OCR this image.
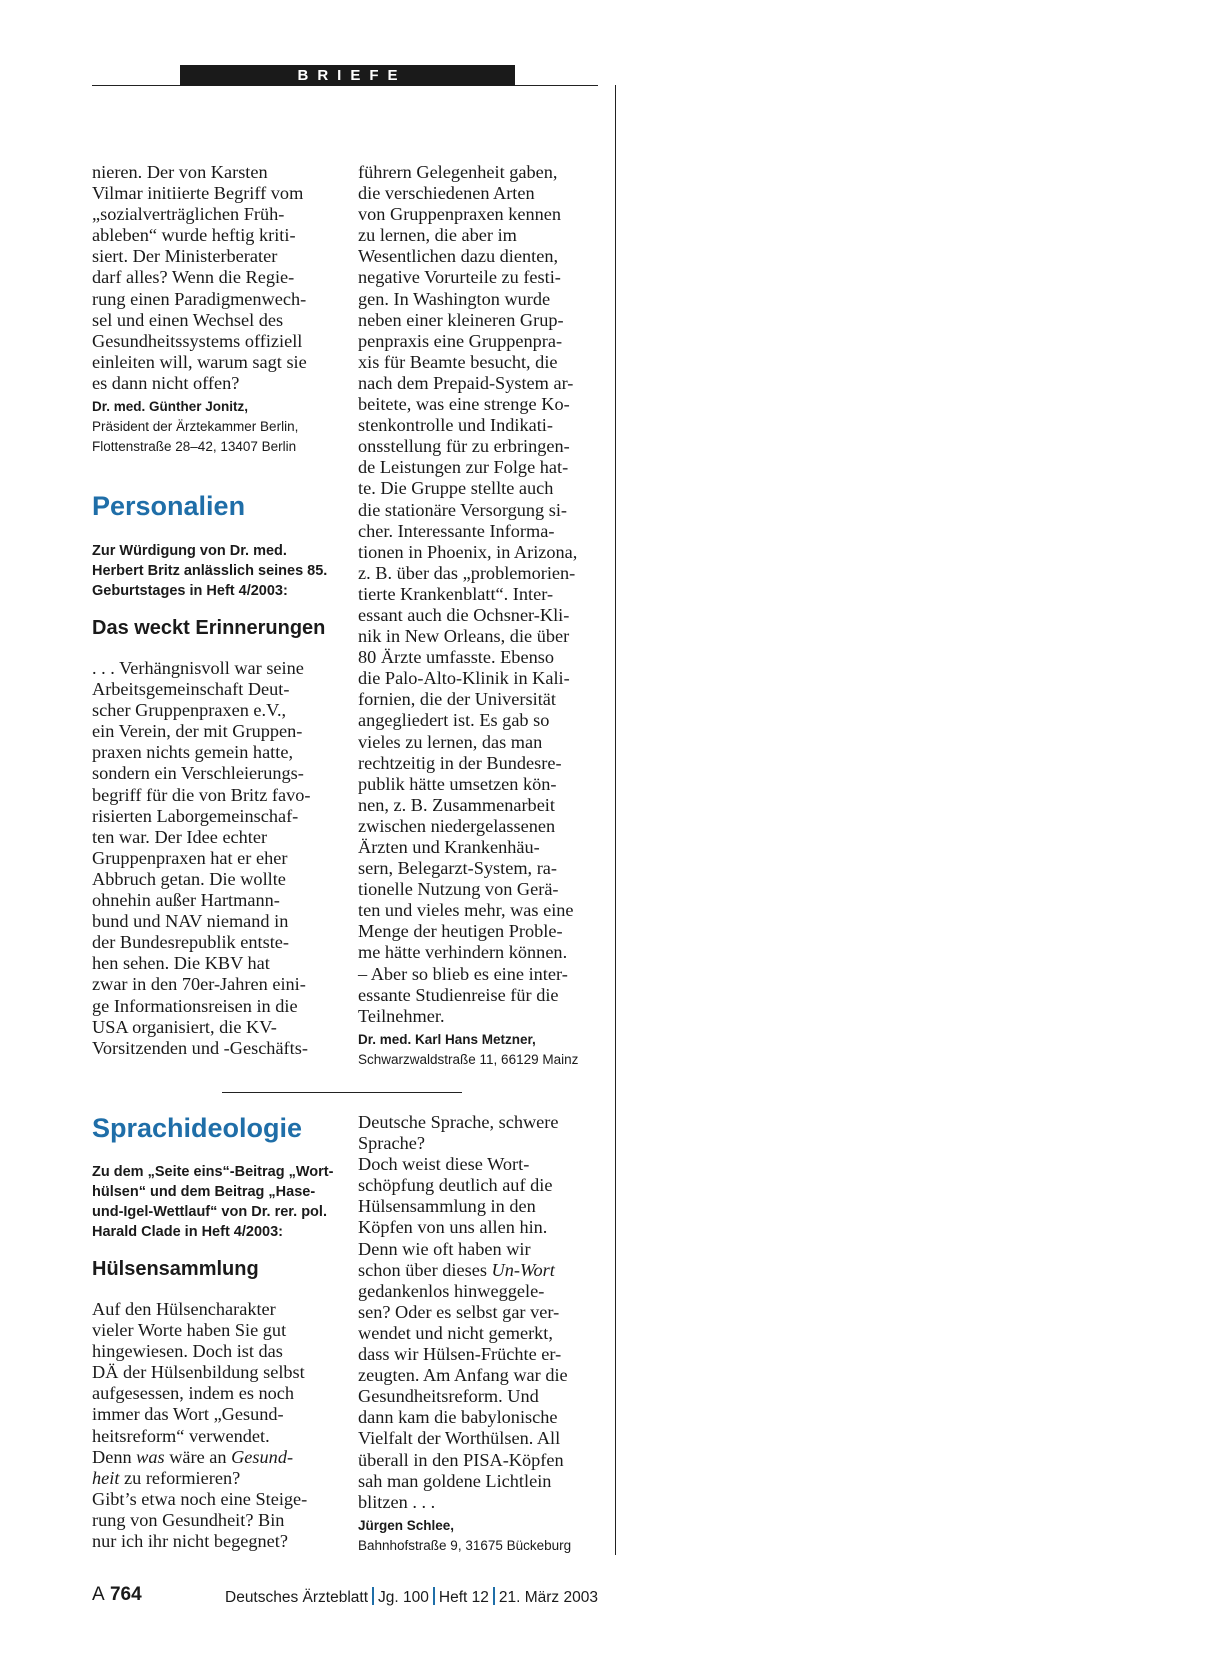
BRIEFE
nieren. Der von Karsten
Vilmar initiierte Begriff vom
„sozialverträglichen Früh-
ableben“ wurde heftig kriti-
siert. Der Ministerberater
darf alles? Wenn die Regie-
rung einen Paradigmenwech-
sel und einen Wechsel des
Gesundheitssystems offiziell
einleiten will, warum sagt sie
es dann nicht offen?
Dr. med. Günther Jonitz,
Präsident der Ärztekammer Berlin,
Flottenstraße 28–42, 13407 Berlin
Personalien
Zur Würdigung von Dr. med.
Herbert Britz anlässlich seines 85.
Geburtstages in Heft 4/2003:
Das weckt Erinnerungen
. . . Verhängnisvoll war seine
Arbeitsgemeinschaft Deut-
scher Gruppenpraxen e.V.,
ein Verein, der mit Gruppen-
praxen nichts gemein hatte,
sondern ein Verschleierungs-
begriff für die von Britz favo-
risierten Laborgemeinschaf-
ten war. Der Idee echter
Gruppenpraxen hat er eher
Abbruch getan. Die wollte
ohnehin außer Hartmann-
bund und NAV niemand in
der Bundesrepublik entste-
hen sehen. Die KBV hat
zwar in den 70er-Jahren eini-
ge Informationsreisen in die
USA organisiert, die KV-
Vorsitzenden und -Geschäfts-
führern Gelegenheit gaben,
die verschiedenen Arten
von Gruppenpraxen kennen
zu lernen, die aber im
Wesentlichen dazu dienten,
negative Vorurteile zu festi-
gen. In Washington wurde
neben einer kleineren Grup-
penpraxis eine Gruppenpra-
xis für Beamte besucht, die
nach dem Prepaid-System ar-
beitete, was eine strenge Ko-
stenkontrolle und Indikati-
onsstellung für zu erbringen-
de Leistungen zur Folge hat-
te. Die Gruppe stellte auch
die stationäre Versorgung si-
cher. Interessante Informa-
tionen in Phoenix, in Arizona,
z. B. über das „problemorien-
tierte Krankenblatt“. Inter-
essant auch die Ochsner-Kli-
nik in New Orleans, die über
80 Ärzte umfasste. Ebenso
die Palo-Alto-Klinik in Kali-
fornien, die der Universität
angegliedert ist. Es gab so
vieles zu lernen, das man
rechtzeitig in der Bundesre-
publik hätte umsetzen kön-
nen, z. B. Zusammenarbeit
zwischen niedergelassenen
Ärzten und Krankenhäu-
sern, Belegarzt-System, ra-
tionelle Nutzung von Gerä-
ten und vieles mehr, was eine
Menge der heutigen Proble-
me hätte verhindern können.
– Aber so blieb es eine inter-
essante Studienreise für die
Teilnehmer.
Dr. med. Karl Hans Metzner,
Schwarzwaldstraße 11, 66129 Mainz
Sprachideologie
Zu dem „Seite eins“-Beitrag „Wort-
hülsen“ und dem Beitrag „Hase-
und-Igel-Wettlauf“ von Dr. rer. pol.
Harald Clade in Heft 4/2003:
Hülsensammlung
Auf den Hülsencharakter
vieler Worte haben Sie gut
hingewiesen. Doch ist das
DÄ der Hülsenbildung selbst
aufgesessen, indem es noch
immer das Wort „Gesund-
heitsreform“ verwendet.
Denn was wäre an Gesund-
heit zu reformieren?
Gibt’s etwa noch eine Steige-
rung von Gesundheit? Bin
nur ich ihr nicht begegnet?
Deutsche Sprache, schwere
Sprache?
Doch weist diese Wort-
schöpfung deutlich auf die
Hülsensammlung in den
Köpfen von uns allen hin.
Denn wie oft haben wir
schon über dieses Un-Wort
gedankenlos hinweggele-
sen? Oder es selbst gar ver-
wendet und nicht gemerkt,
dass wir Hülsen-Früchte er-
zeugten. Am Anfang war die
Gesundheitsreform. Und
dann kam die babylonische
Vielfalt der Worthülsen. All
überall in den PISA-Köpfen
sah man goldene Lichtlein
blitzen . . .
Jürgen Schlee,
Bahnhofstraße 9, 31675 Bückeburg
A 764	Deutsches Ärzteblatt Jg. 100 Heft 12 21. März 2003
